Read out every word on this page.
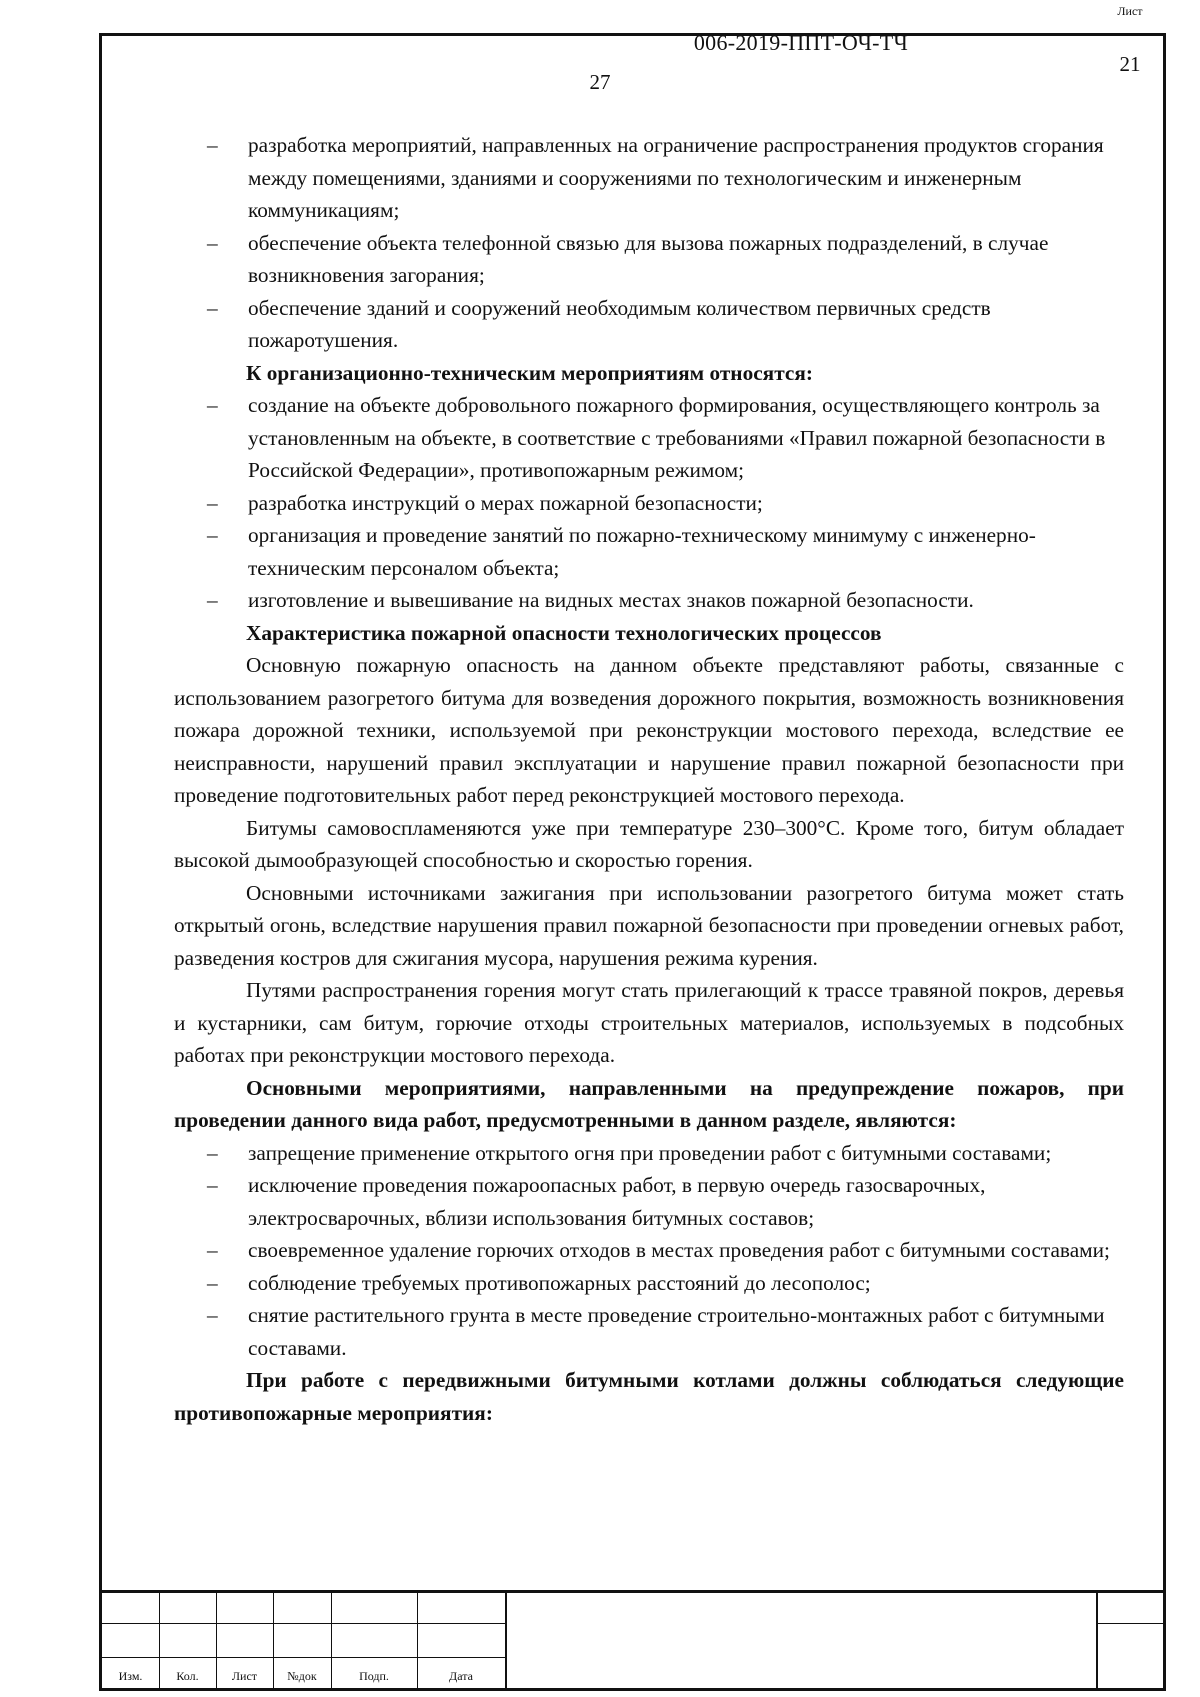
27

– разработка мероприятий, направленных на ограничение распространения продуктов сгорания между помещениями, зданиями и сооружениями по технологическим и инженерным коммуникациям;

– обеспечение объекта телефонной связью для вызова пожарных подразделений, в случае возникновения загорания;

– обеспечение зданий и сооружений необходимым количеством первичных средств пожаротушения.

К организационно-техническим мероприятиям относятся:

– создание на объекте добровольного пожарного формирования, осуществляющего контроль за установленным на объекте, в соответствие с требованиями «Правил пожарной безопасности в Российской Федерации», противопожарным режимом;

– разработка инструкций о мерах пожарной безопасности;

– организация и проведение занятий по пожарно-техническому минимуму с инженерно-техническим персоналом объекта;

– изготовление и вывешивание на видных местах знаков пожарной безопасности.

Характеристика пожарной опасности технологических процессов

Основную пожарную опасность на данном объекте представляют работы, связанные с использованием разогретого битума для возведения дорожного покрытия, возможность возникновения пожара дорожной техники, используемой при реконструкции мостового перехода, вследствие ее неисправности, нарушений правил эксплуатации и нарушение правил пожарной безопасности при проведение подготовительных работ перед реконструкцией мостового перехода.

Битумы самовоспламеняются уже при температуре 230–300°С. Кроме того, битум обладает высокой дымообразующей способностью и скоростью горения.

Основными источниками зажигания при использовании разогретого битума может стать открытый огонь, вследствие нарушения правил пожарной безопасности при проведении огневых работ, разведения костров для сжигания мусора, нарушения режима курения.

Путями распространения горения могут стать прилегающий к трассе травяной покров, деревья и кустарники, сам битум, горючие отходы строительных материалов, используемых в подсобных работах при реконструкции мостового перехода.

Основными мероприятиями, направленными на предупреждение пожаров, при проведении данного вида работ, предусмотренными в данном разделе, являются:

– запрещение применение открытого огня при проведении работ с битумными составами;

– исключение проведения пожароопасных работ, в первую очередь газосварочных, электросварочных, вблизи использования битумных составов;

– своевременное удаление горючих отходов в местах проведения работ с битумными составами;

– соблюдение требуемых противопожарных расстояний до лесополос;

– снятие растительного грунта в месте проведение строительно-монтажных работ с битумными составами.

При работе с передвижными битумными котлами должны соблюдаться следующие противопожарные мероприятия:

Изм.	Кол.	Лист	№док	Подп.	Дата
006-2019-ППТ-ОЧ-ТЧ
Лист
21
